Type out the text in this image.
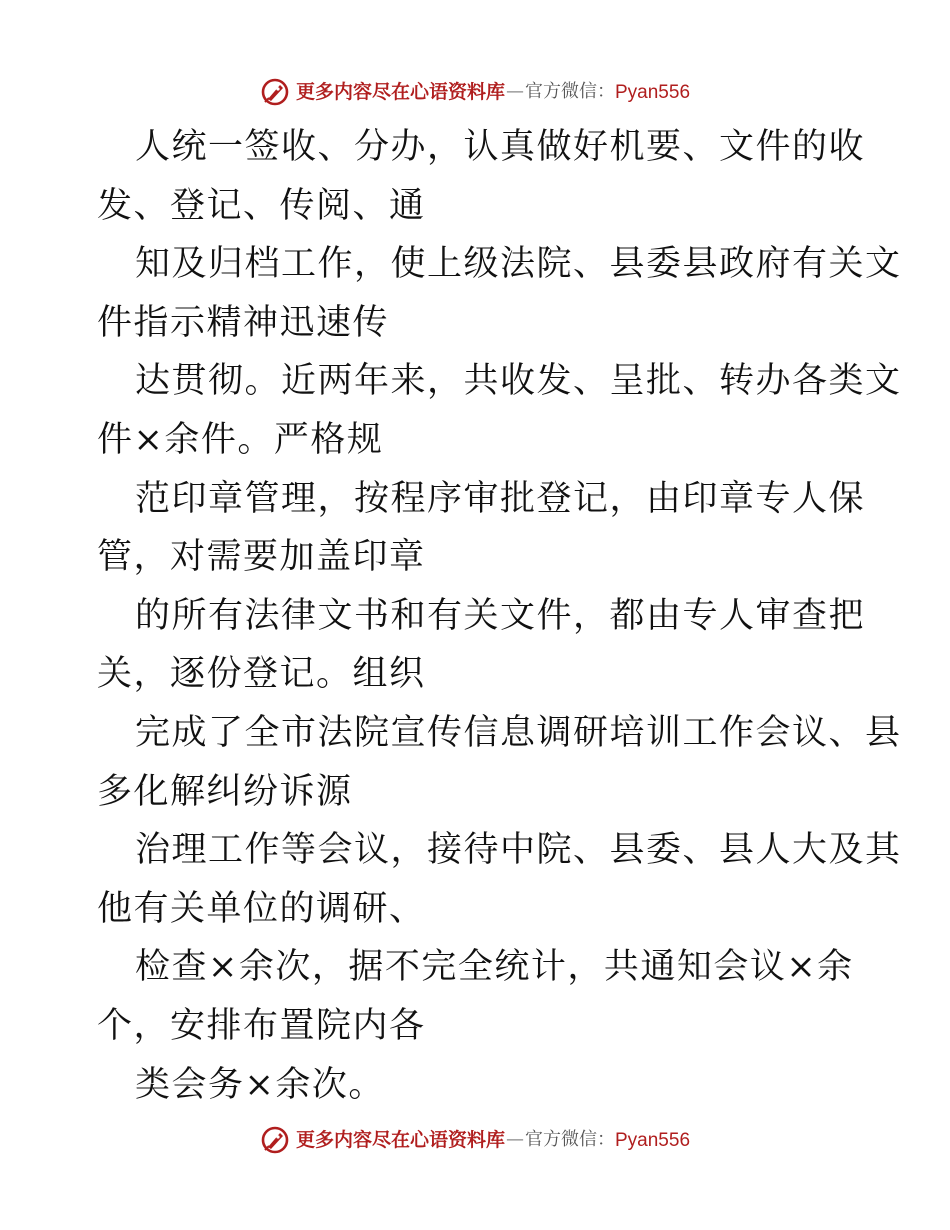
更多内容尽在心语资料库 — 官方微信： Pyan556
人统一签收、分办，认真做好机要、文件的收
发、登记、传阅、通
知及归档工作，使上级法院、县委县政府有关文
件指示精神迅速传
达贯彻。近两年来，共收发、呈批、转办各类文
件×余件。严格规
范印章管理，按程序审批登记，由印章专人保
管，对需要加盖印章
的所有法律文书和有关文件，都由专人审查把
关，逐份登记。组织
完成了全市法院宣传信息调研培训工作会议、县
多化解纠纷诉源
治理工作等会议，接待中院、县委、县人大及其
他有关单位的调研、
检查×余次，据不完全统计，共通知会议×余
个，安排布置院内各
类会务×余次。
更多内容尽在心语资料库 — 官方微信： Pyan556
